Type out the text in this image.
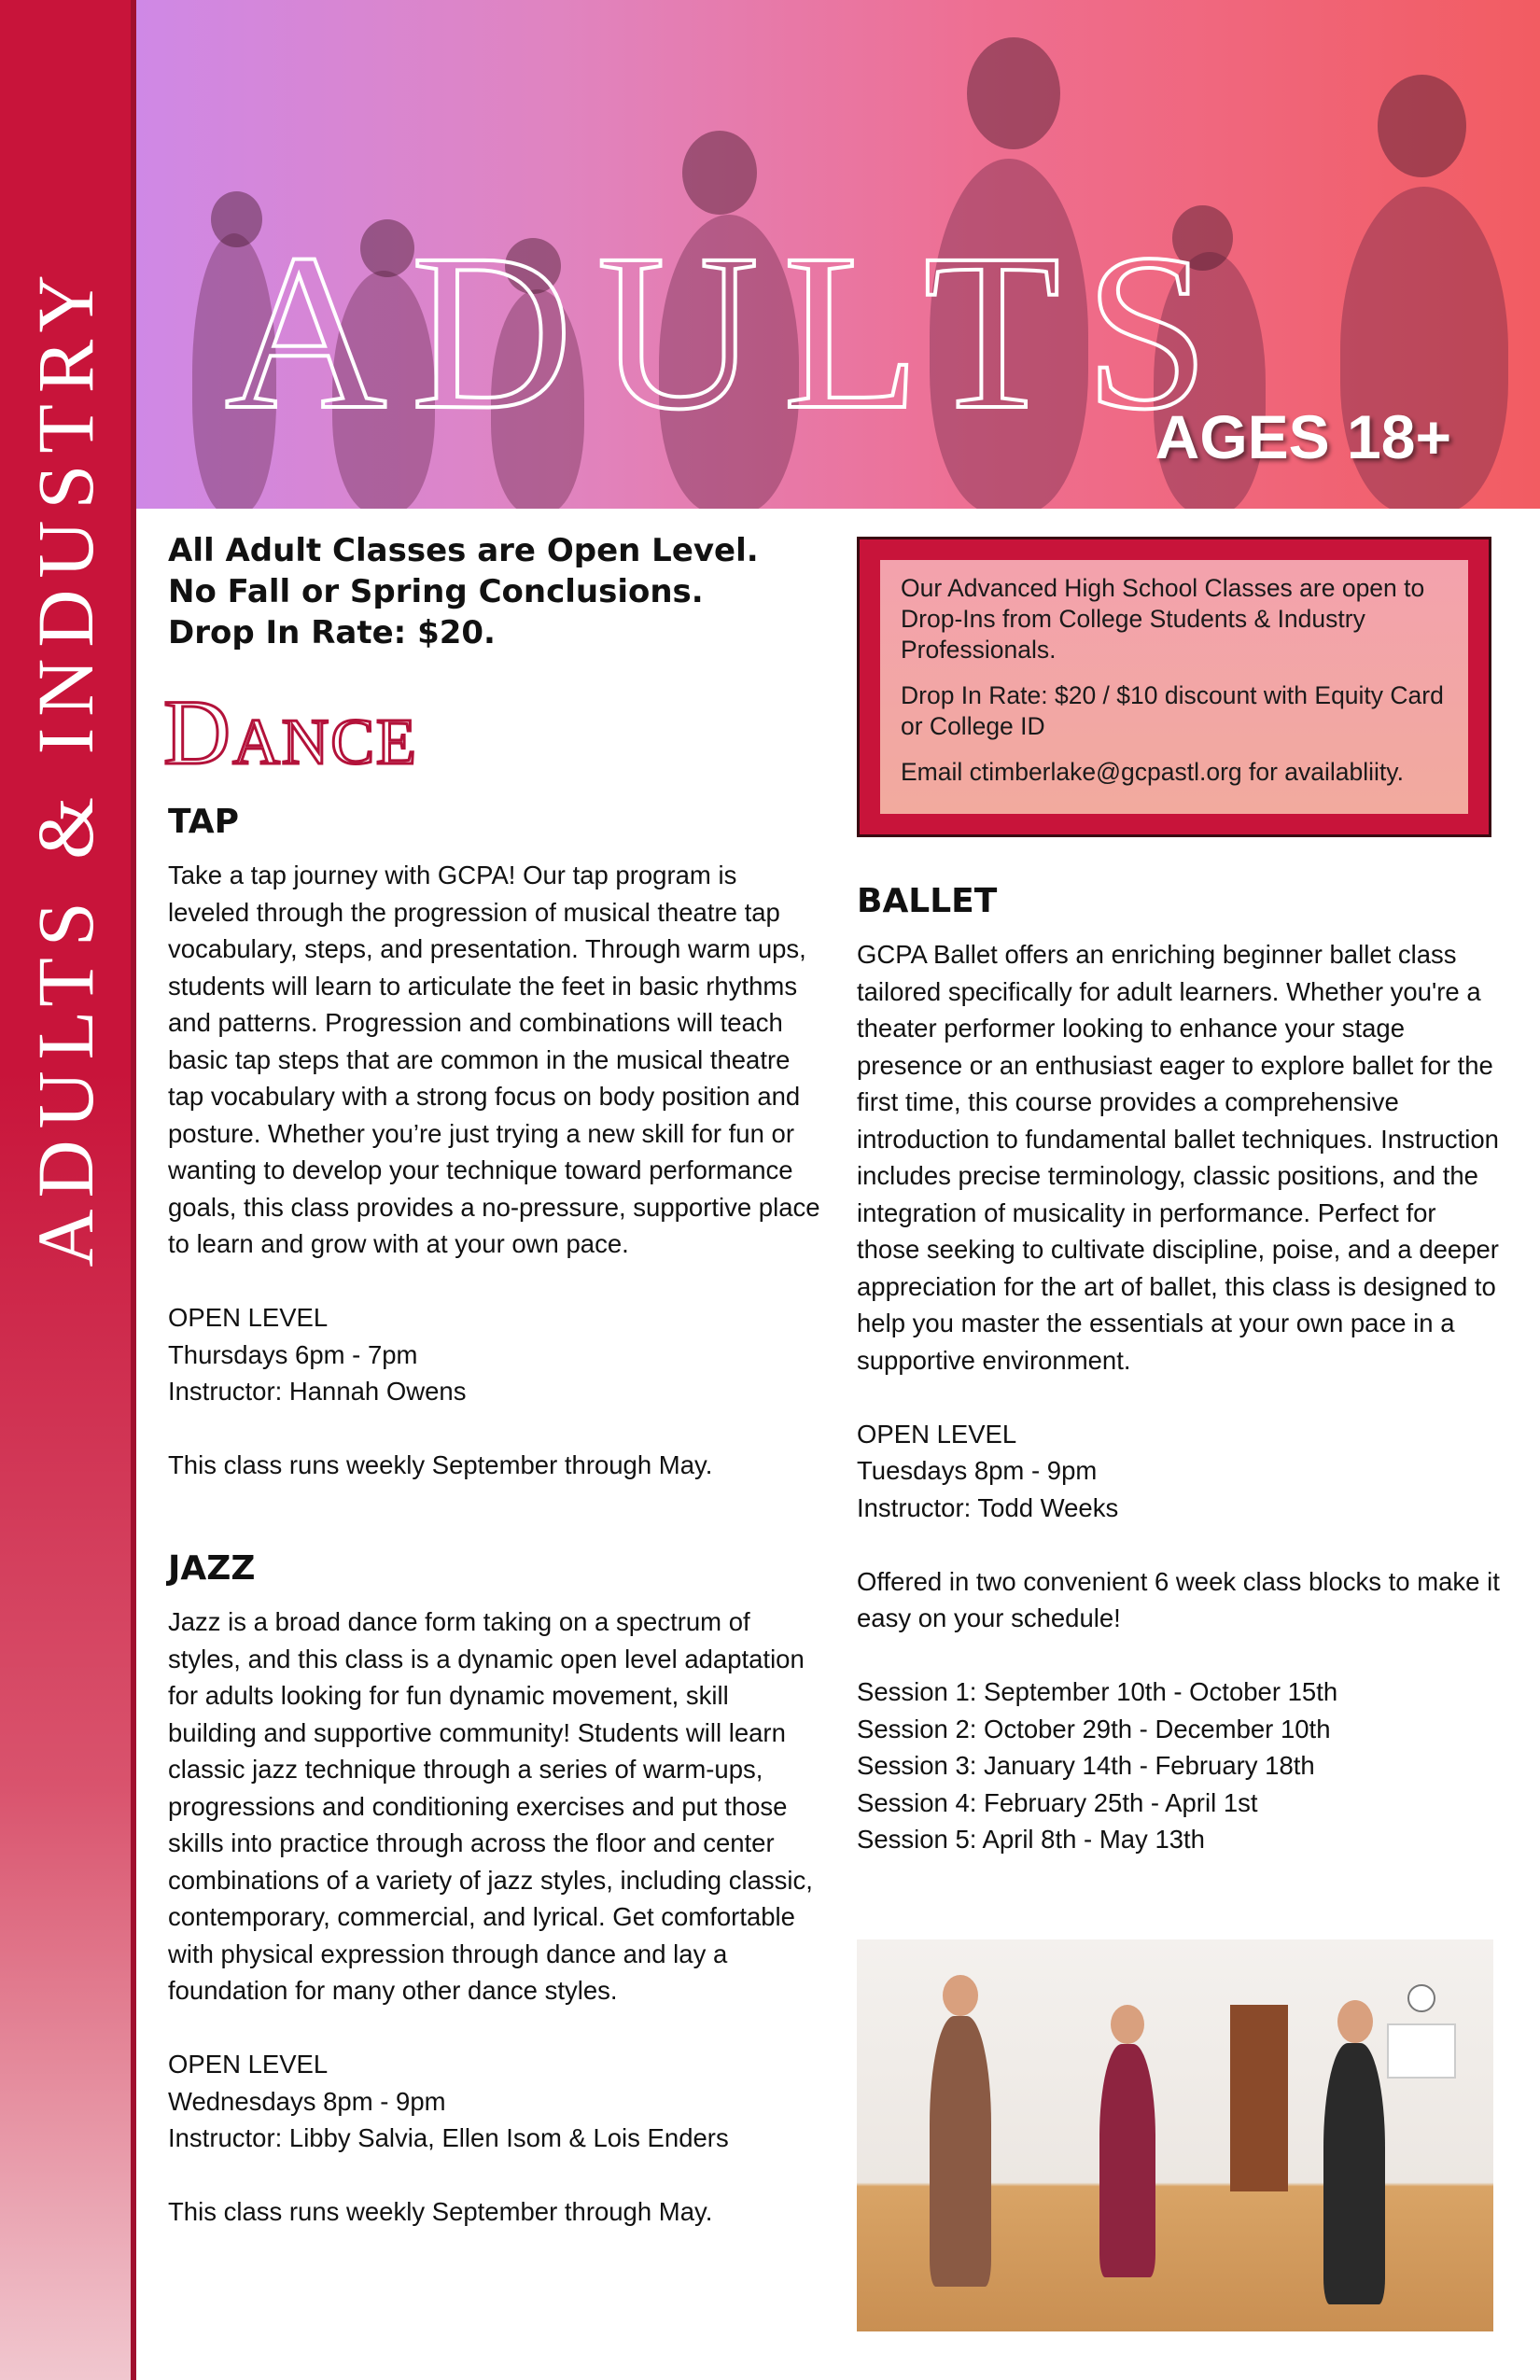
ADULTS & INDUSTRY ADULTS
AGES 18+
All Adult Classes are Open Level.
No Fall or Spring Conclusions.
Drop In Rate: $20.
Dance
TAP

Take a tap journey with GCPA! Our tap program is leveled through the progression of musical theatre tap vocabulary, steps, and presentation. Through warm ups, students will learn to articulate the feet in basic rhythms and patterns. Progression and combinations will teach basic tap steps that are common in the musical theatre tap vocabulary with a strong focus on body position and posture. Whether you’re just trying a new skill for fun or wanting to develop your technique toward performance goals, this class provides a no-pressure, supportive place to learn and grow with at your own pace.

OPEN LEVEL

Thursdays 6pm - 7pm

Instructor: Hannah Owens

This class runs weekly September through May.

JAZZ

Jazz is a broad dance form taking on a spectrum of styles, and this class is a dynamic open level adaptation for adults looking for fun dynamic movement, skill building and supportive community! Students will learn classic jazz technique through a series of warm-ups, progressions and conditioning exercises and put those skills into practice through across the floor and center combinations of a variety of jazz styles, including classic, contemporary, commercial, and lyrical. Get comfortable with physical expression through dance and lay a foundation for many other dance styles.

OPEN LEVEL

Wednesdays 8pm - 9pm

Instructor: Libby Salvia, Ellen Isom & Lois Enders

This class runs weekly September through May.

Our Advanced High School Classes are open to Drop-Ins from College Students & Industry Professionals.

Drop In Rate: $20 / $10 discount with Equity Card or College ID

Email ctimberlake@gcpastl.org for availabliity.

BALLET

GCPA Ballet offers an enriching beginner ballet class tailored specifically for adult learners. Whether you're a theater performer looking to enhance your stage presence or an enthusiast eager to explore ballet for the first time, this course provides a comprehensive introduction to fundamental ballet techniques. Instruction includes precise terminology, classic positions, and the integration of musicality in performance. Perfect for those seeking to cultivate discipline, poise, and a deeper appreciation for the art of ballet, this class is designed to help you master the essentials at your own pace in a supportive environment.

OPEN LEVEL

Tuesdays 8pm - 9pm

Instructor: Todd Weeks

Offered in two convenient 6 week class blocks to make it easy on your schedule!

Session 1: September 10th - October 15th

Session 2: October 29th - December 10th

Session 3: January 14th - February 18th

Session 4: February 25th - April 1st

Session 5: April 8th - May 13th
